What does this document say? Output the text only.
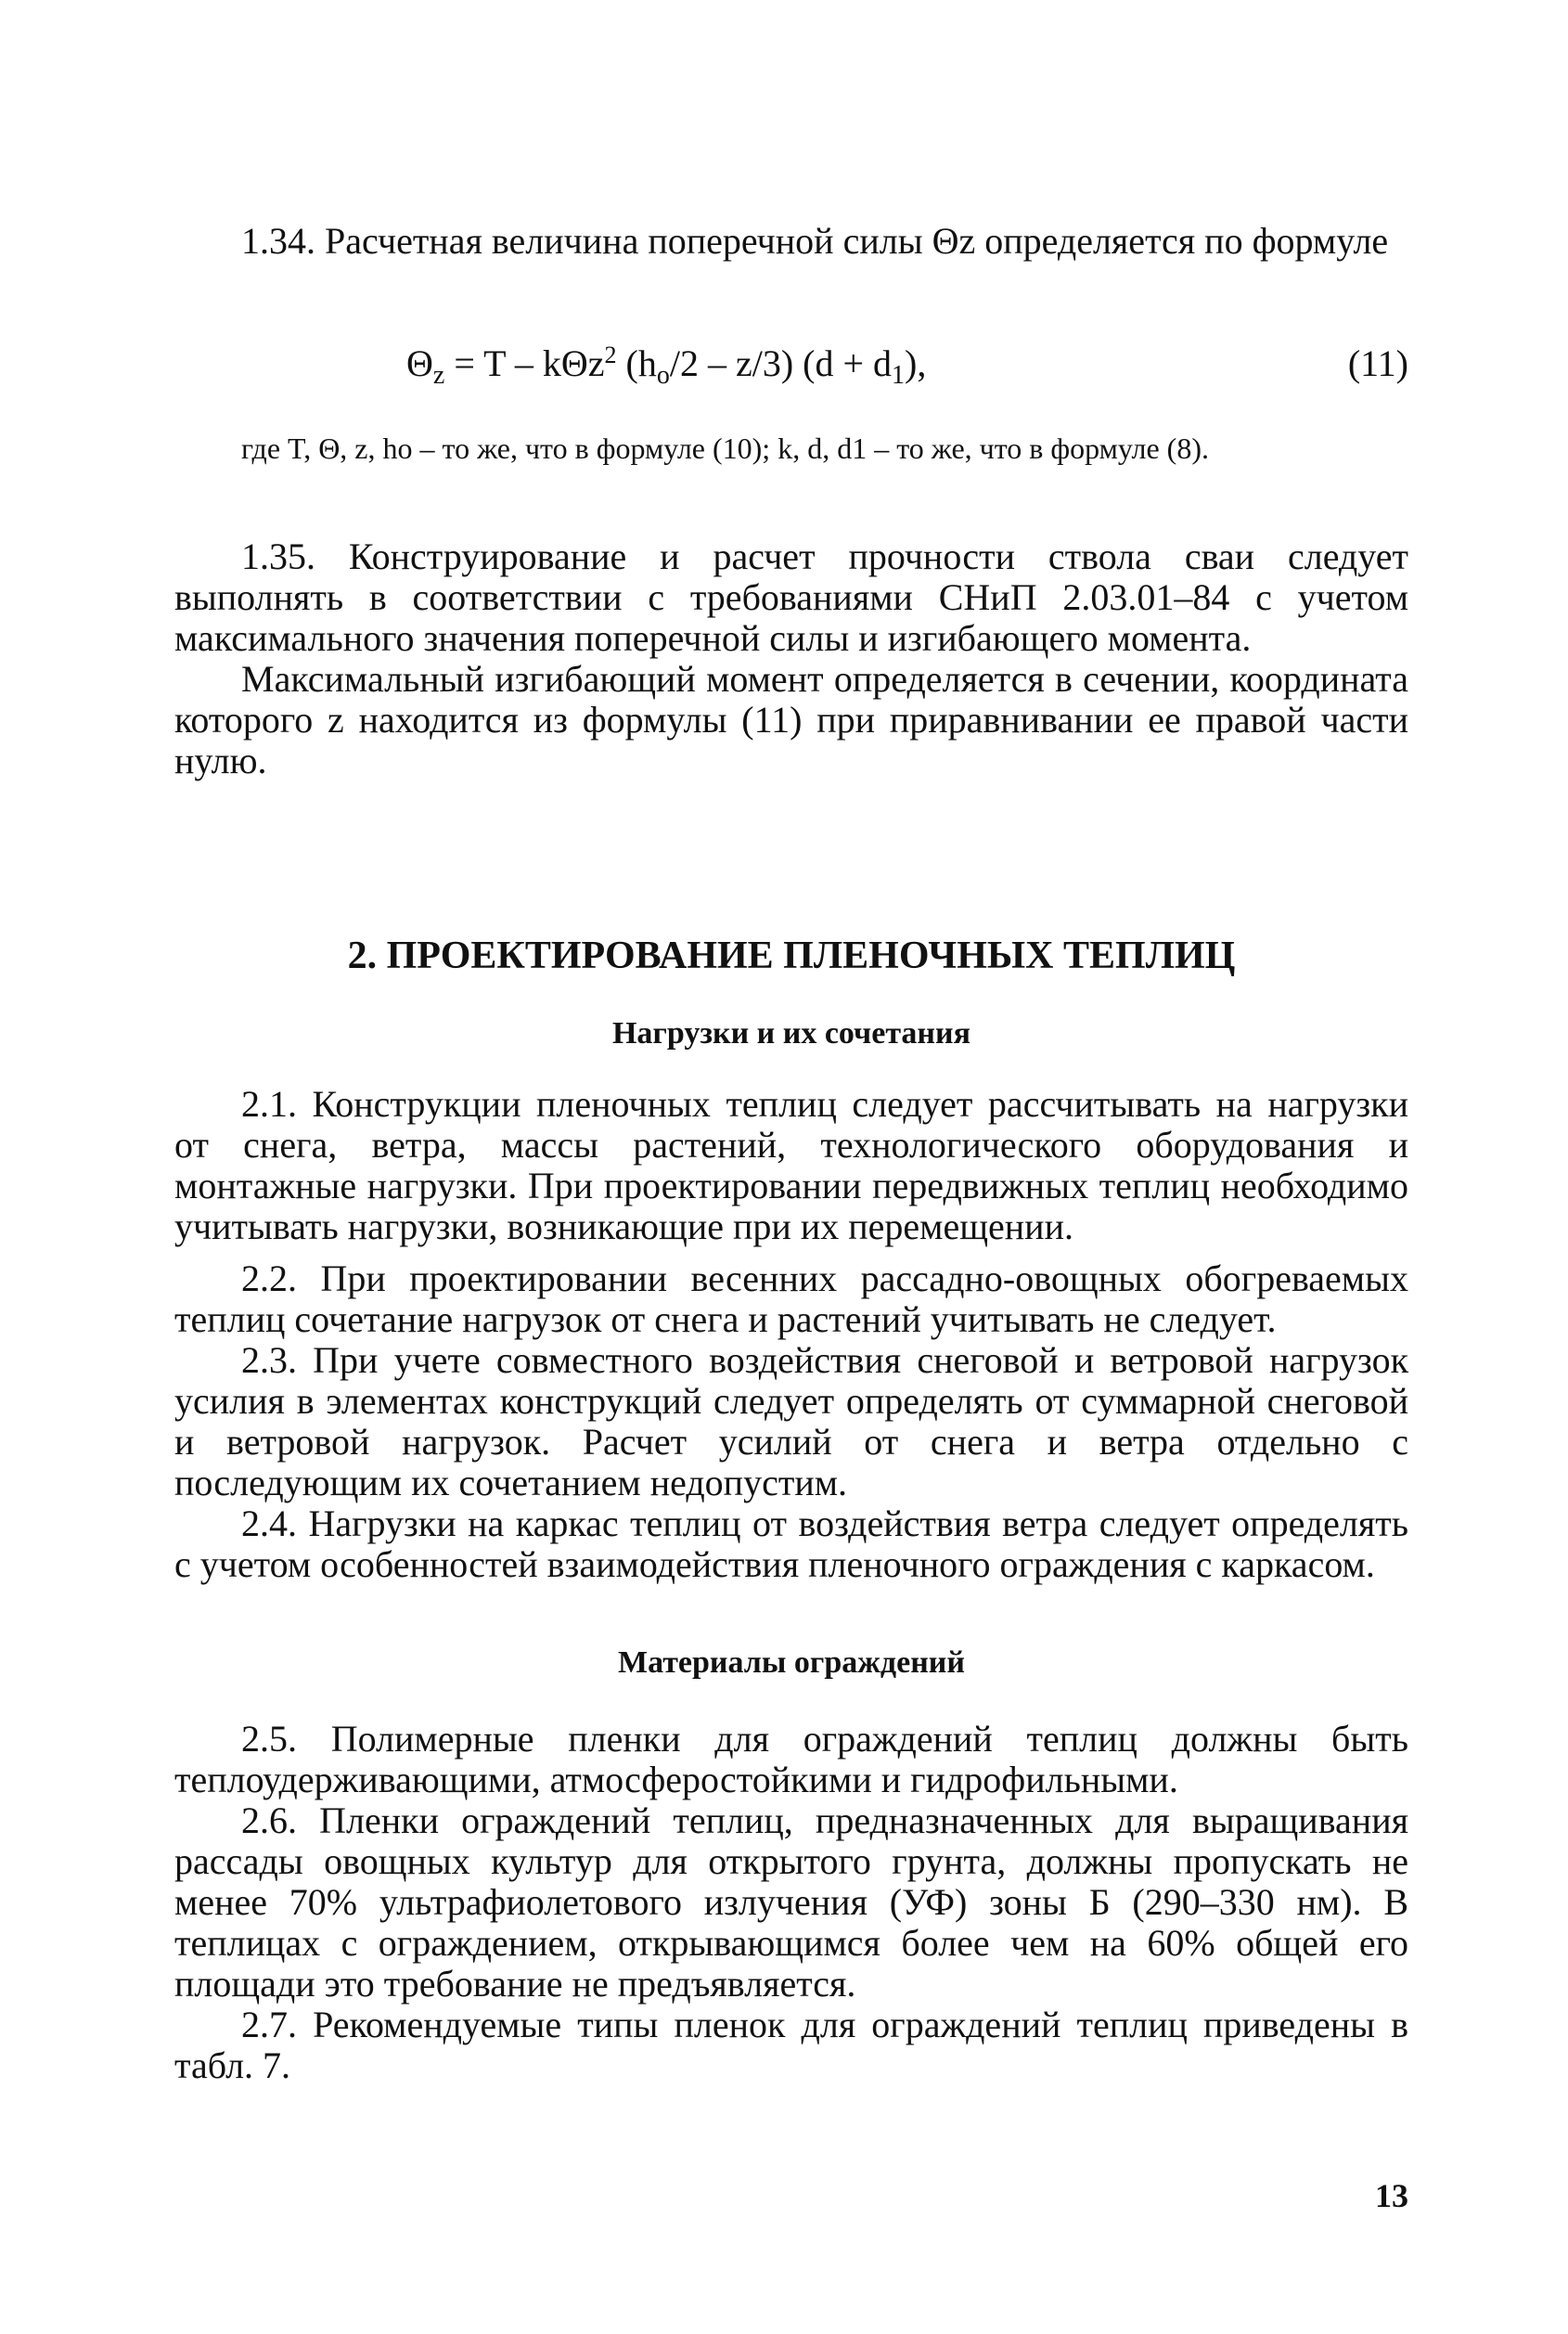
1.34. Расчетная величина поперечной силы Θz определяется по формуле

$\Theta_z = T - k\Theta z^2$ $(h_o/2 - z/3) (d + d_1)$,	(11)

где T, Θ, z, hо – то же, что в формуле (10); k, d, d1 – то же, что в формуле (8).

1.35. Конструирование и расчет прочности ствола сваи следует выполнять в соответствии с требованиями СНиП 2.03.01–84 с учетом максимального значения поперечной силы и изгибающего момента.

Максимальный изгибающий момент определяется в сечении, координата которого z находится из формулы (11) при приравнивании ее правой части нулю.

2. ПРОЕКТИРОВАНИЕ ПЛЕНОЧНЫХ ТЕПЛИЦ
Нагрузки и их сочетания

2.1. Конструкции пленочных теплиц следует рассчитывать на нагрузки от снега, ветра, массы растений, технологического оборудования и монтажные нагрузки. При проектировании передвижных теплиц необходимо учитывать нагрузки, возникающие при их перемещении.

2.2. При проектировании весенних рассадно-овощных обогреваемых теплиц сочетание нагрузок от снега и растений учитывать не следует.

2.3. При учете совместного воздействия снеговой и ветровой нагрузок усилия в элементах конструкций следует определять от суммарной снеговой и ветровой нагрузок. Расчет усилий от снега и ветра отдельно с последующим их сочетанием недопустим.

2.4. Нагрузки на каркас теплиц от воздействия ветра следует определять с учетом особенностей взаимодействия пленочного ограждения с каркасом.

Материалы ограждений

2.5. Полимерные пленки для ограждений теплиц должны быть теплоудерживающими, атмосферостойкими и гидрофильными.

2.6. Пленки ограждений теплиц, предназначенных для выращивания рассады овощных культур для открытого грунта, должны пропускать не менее 70% ультрафиолетового излучения (УФ) зоны Б (290–330 нм). В теплицах с ограждением, открывающимся более чем на 60% общей его площади это требование не предъявляется.

2.7. Рекомендуемые типы пленок для ограждений теплиц приведены в табл. 7.

13
